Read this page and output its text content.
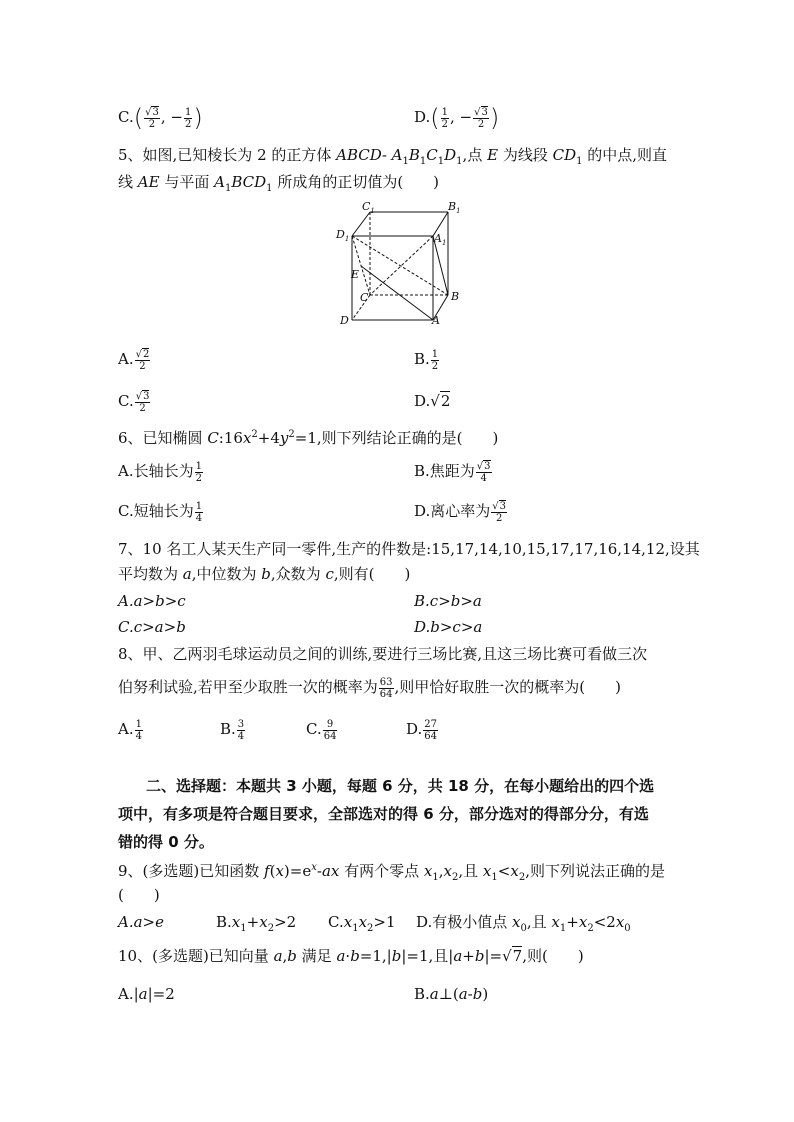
$C.( \frac{√3}{2}$ , − $\frac{1}{2}$ )	$D.( \frac{1}{2}$ , − $\frac{√3}{2}$ )
5、如图,已知棱长为 2 的正方体 ABCD- $A_1B_1C_1D_1$,点 E 为线段 $CD_1$ 的中点,则直
线 AE 与平面 $A_1BCD_1$ 所成角的正切值为(　　)
$C_1$	$B_1$
$D_1$	$A_1$
E
C	B
D	A
A. $\frac{√2}{2}$	B. $\frac{1}{2}$
C. $\frac{√3}{2}$	D.√2
6、已知椭圆 $C:16x^2+4y^2=1$,则下列结论正确的是(　　)
A.长轴长为 $\frac{1}{2}$	B.焦距为 $\frac{√3}{4}$
C.短轴长为 $\frac{1}{4}$	D.离心率为 $\frac{√3}{2}$
7、10 名工人某天生产同一零件,生产的件数是:15,17,14,10,15,17,17,16,14,12,设其
平均数为 a,中位数为 b,众数为 c,则有(　　)
A.a>b>c	B.c>b>a
C.c>a>b	D.b>c>a
8、甲、乙两羽毛球运动员之间的训练,要进行三场比赛,且这三场比赛可看做三次
伯努利试验,若甲至少取胜一次的概率为 $\frac{63}{64}$ ,则甲恰好取胜一次的概率为(　　)
A. $\frac{1}{4}$	B. $\frac{3}{4}$	C. $\frac{9}{64}$	D. $\frac{27}{64}$
二、选择题：本题共 3 小题，每题 6 分，共 18 分，在每小题给出的四个选
项中，有多项是符合题目要求，全部选对的得 6 分，部分选对的得部分分，有选
错的得 0 分。
9、(多选题)已知函数 $f(x)=e^x-ax$ 有两个零点 $x_1,x_2$,且 $x_1<x_2$,则下列说法正确的是
(　　)
A.a>e	$B.x_1+x_2>2$ $C.x_1x_2>1$ D.有极小值点 $x_0$,且 $x_1+x_2<2x_0$
10、(多选题)已知向量 a,b 满足 a·b=1,|b|=1,且|a+b|=√7,则(　　)
A.|a|=2	B.a⊥(a-b)
